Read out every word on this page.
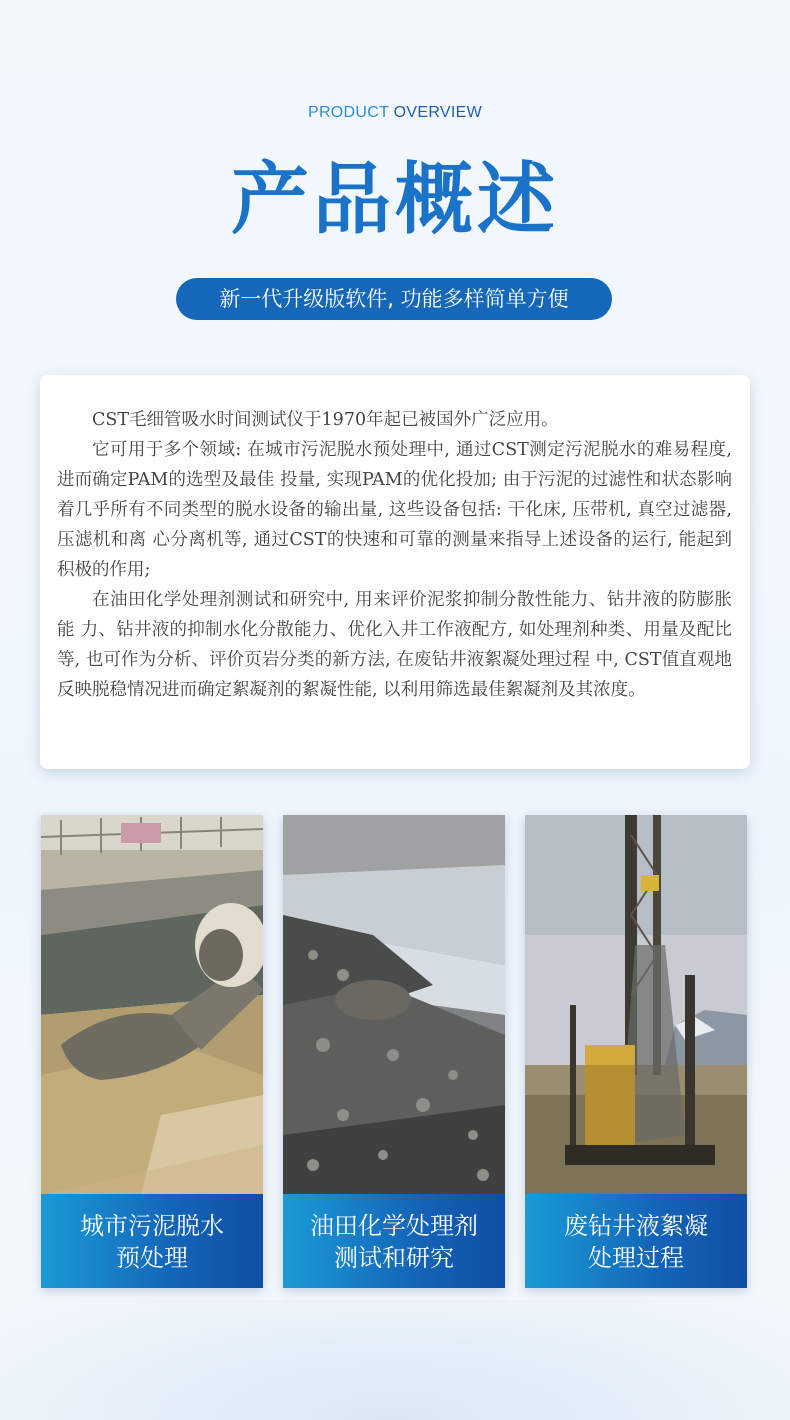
PRODUCT OVERVIEW
产品概述
新一代升级版软件, 功能多样简单方便

CST毛细管吸水时间测试仪于1970年起已被国外广泛应用。

它可用于多个领域: 在城市污泥脱水预处理中, 通过CST测定污泥脱水的难易程度, 进而确定PAM的选型及最佳 投量, 实现PAM的优化投加; 由于污泥的过滤性和状态影响着几乎所有不同类型的脱水设备的输出量, 这些设备包括: 干化床, 压带机, 真空过滤器, 压滤机和离 心分离机等, 通过CST的快速和可靠的测量来指导上述设备的运行, 能起到积极的作用;

在油田化学处理剂测试和研究中, 用来评价泥浆抑制分散性能力、钻井液的防膨胀能 力、钻井液的抑制水化分散能力、优化入井工作液配方, 如处理剂种类、用量及配比等, 也可作为分析、评价页岩分类的新方法, 在废钻井液絮凝处理过程 中, CST值直观地反映脱稳情况进而确定絮凝剂的絮凝性能, 以利用筛选最佳絮凝剂及其浓度。

城市污泥脱水
预处理
油田化学处理剂
测试和研究
废钻井液絮凝
处理过程
